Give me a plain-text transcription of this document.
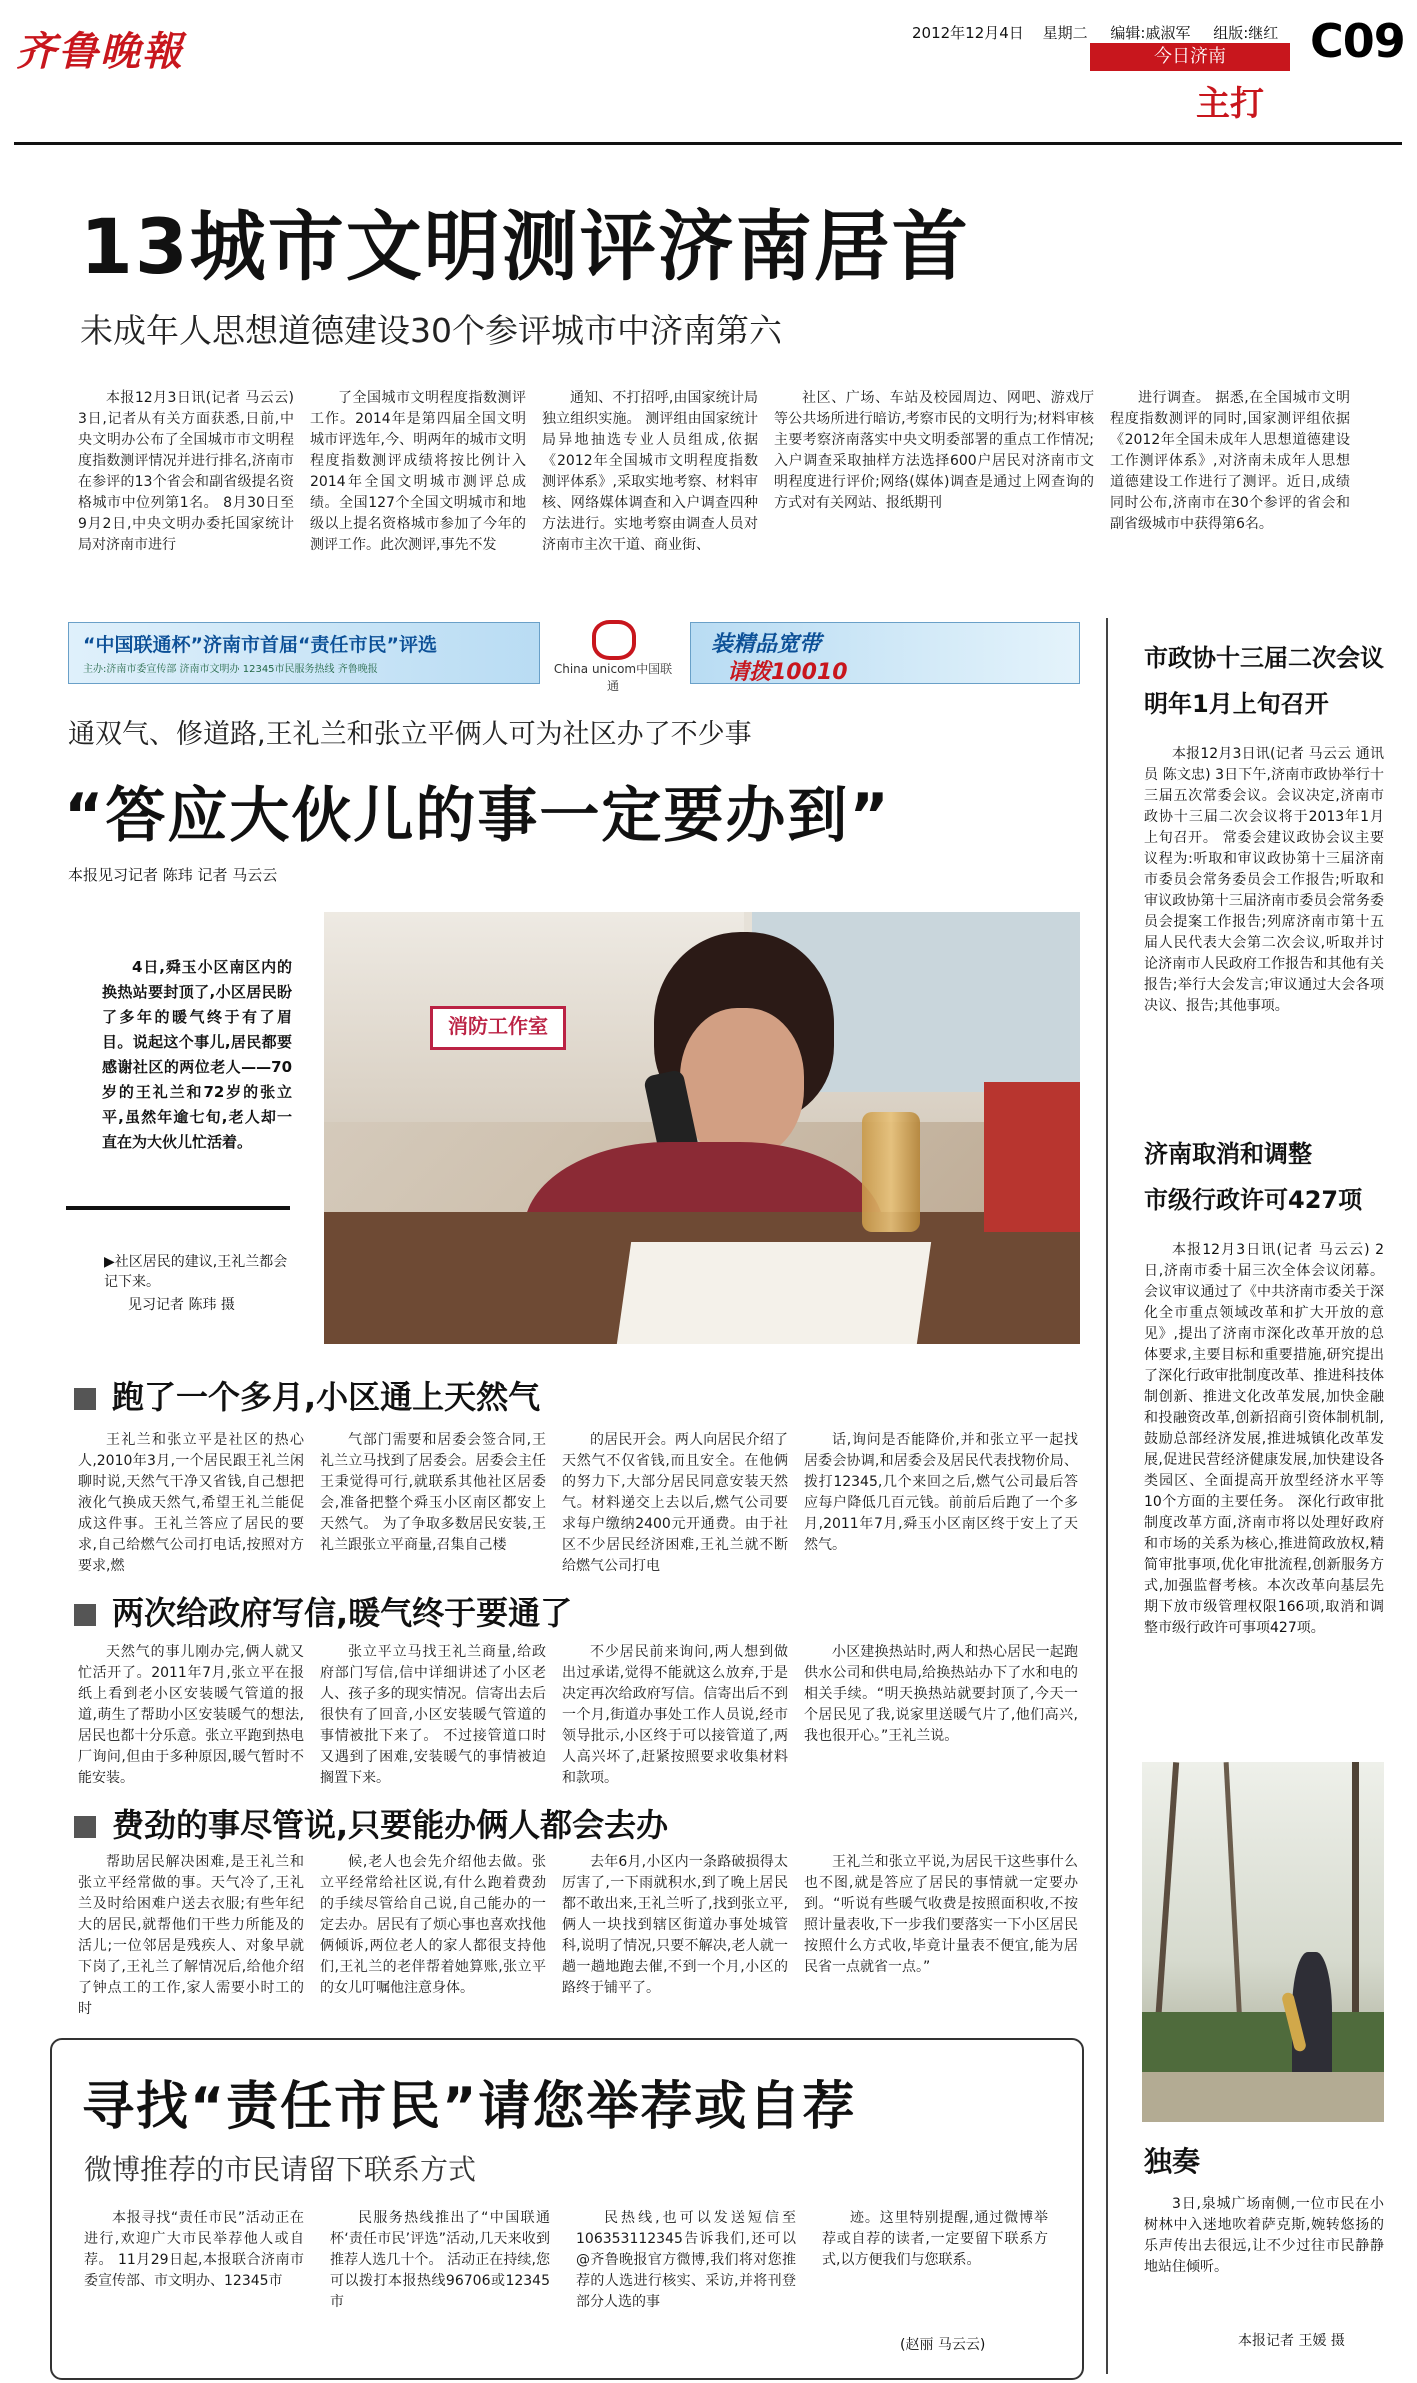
齐鲁晚報	2012年12月4日 星期二 编辑:戚淑军 组版:继红 C09
今日济南
主打
13城市文明测评济南居首
未成年人思想道德建设30个参评城市中济南第六

本报12月3日讯(记者 马云云) 3日,记者从有关方面获悉,日前,中央文明办公布了全国城市市文明程度指数测评情况并进行排名,济南市在参评的13个省会和副省级提名资格城市中位列第1名。 8月30日至9月2日,中央文明办委托国家统计局对济南市进行

了全国城市文明程度指数测评工作。2014年是第四届全国文明城市评选年,今、明两年的城市文明程度指数测评成绩将按比例计入2014年全国文明城市测评总成绩。全国127个全国文明城市和地级以上提名资格城市参加了今年的测评工作。此次测评,事先不发

通知、不打招呼,由国家统计局独立组织实施。 测评组由国家统计局异地抽选专业人员组成,依据《2012年全国城市文明程度指数测评体系》,采取实地考察、材料审核、网络媒体调查和入户调查四种方法进行。实地考察由调查人员对济南市主次干道、商业街、

社区、广场、车站及校园周边、网吧、游戏厅等公共场所进行暗访,考察市民的文明行为;材料审核主要考察济南落实中央文明委部署的重点工作情况;入户调查采取抽样方法选择600户居民对济南市文明程度进行评价;网络(媒体)调查是通过上网查询的方式对有关网站、报纸期刊

进行调查。 据悉,在全国城市文明程度指数测评的同时,国家测评组依据《2012年全国未成年人思想道德建设工作测评体系》,对济南未成年人思想道德建设工作进行了测评。近日,成绩同时公布,济南市在30个参评的省会和副省级城市中获得第6名。

“中国联通杯”济南市首届“责任市民”评选
主办:济南市委宣传部 济南市文明办 12345市民服务热线 齐鲁晚报	China unicom中国联通
装精品宽带
请拨10010
通双气、修道路,王礼兰和张立平俩人可为社区办了不少事
“答应大伙儿的事一定要办到”
本报见习记者 陈玮 记者 马云云
4日,舜玉小区南区内的换热站要封顶了,小区居民盼了多年的暖气终于有了眉目。说起这个事儿,居民都要感谢社区的两位老人——70岁的王礼兰和72岁的张立平,虽然年逾七旬,老人却一直在为大伙儿忙活着。
▶社区居民的建议,王礼兰都会记下来。
见习记者 陈玮 摄
消防工作室
跑了一个多月,小区通上天然气

王礼兰和张立平是社区的热心人,2010年3月,一个居民跟王礼兰闲聊时说,天然气干净又省钱,自己想把液化气换成天然气,希望王礼兰能促成这件事。王礼兰答应了居民的要求,自己给燃气公司打电话,按照对方要求,燃

气部门需要和居委会签合同,王礼兰立马找到了居委会。居委会主任王秉觉得可行,就联系其他社区居委会,准备把整个舜玉小区南区都安上天然气。 为了争取多数居民安装,王礼兰跟张立平商量,召集自己楼

的居民开会。两人向居民介绍了天然气不仅省钱,而且安全。在他俩的努力下,大部分居民同意安装天然气。材料递交上去以后,燃气公司要求每户缴纳2400元开通费。由于社区不少居民经济困难,王礼兰就不断给燃气公司打电

话,询问是否能降价,并和张立平一起找居委会协调,和居委会及居民代表找物价局、拨打12345,几个来回之后,燃气公司最后答应每户降低几百元钱。前前后后跑了一个多月,2011年7月,舜玉小区南区终于安上了天然气。

两次给政府写信,暖气终于要通了

天然气的事儿刚办完,俩人就又忙活开了。2011年7月,张立平在报纸上看到老小区安装暖气管道的报道,萌生了帮助小区安装暖气的想法,居民也都十分乐意。张立平跑到热电厂询问,但由于多种原因,暖气暂时不能安装。

张立平立马找王礼兰商量,给政府部门写信,信中详细讲述了小区老人、孩子多的现实情况。信寄出去后很快有了回音,小区安装暖气管道的事情被批下来了。 不过接管道口时又遇到了困难,安装暖气的事情被迫搁置下来。

不少居民前来询问,两人想到做出过承诺,觉得不能就这么放弃,于是决定再次给政府写信。信寄出后不到一个月,街道办事处工作人员说,经市领导批示,小区终于可以接管道了,两人高兴坏了,赶紧按照要求收集材料和款项。

小区建换热站时,两人和热心居民一起跑供水公司和供电局,给换热站办下了水和电的相关手续。“明天换热站就要封顶了,今天一个居民见了我,说家里送暖气片了,他们高兴,我也很开心。”王礼兰说。

费劲的事尽管说,只要能办俩人都会去办

帮助居民解决困难,是王礼兰和张立平经常做的事。天气冷了,王礼兰及时给困难户送去衣服;有些年纪大的居民,就帮他们干些力所能及的活儿;一位邻居是残疾人、对象早就下岗了,王礼兰了解情况后,给他介绍了钟点工的工作,家人需要小时工的时

候,老人也会先介绍他去做。张立平经常给社区说,有什么跑着费劲的手续尽管给自己说,自己能办的一定去办。居民有了烦心事也喜欢找他俩倾诉,两位老人的家人都很支持他们,王礼兰的老伴帮着她算账,张立平的女儿叮嘱他注意身体。

去年6月,小区内一条路破损得太厉害了,一下雨就积水,到了晚上居民都不敢出来,王礼兰听了,找到张立平,俩人一块找到辖区街道办事处城管科,说明了情况,只要不解决,老人就一趟一趟地跑去催,不到一个月,小区的路终于铺平了。

王礼兰和张立平说,为居民干这些事什么也不图,就是答应了居民的事情就一定要办到。“听说有些暖气收费是按照面积收,不按照计量表收,下一步我们要落实一下小区居民按照什么方式收,毕竟计量表不便宜,能为居民省一点就省一点。”

寻找“责任市民”请您举荐或自荐
微博推荐的市民请留下联系方式

本报寻找“责任市民”活动正在进行,欢迎广大市民举荐他人或自荐。 11月29日起,本报联合济南市委宣传部、市文明办、12345市

民服务热线推出了“中国联通杯‘责任市民’评选”活动,几天来收到推荐人选几十个。 活动正在持续,您可以拨打本报热线96706或12345市

民热线,也可以发送短信至106353112345告诉我们,还可以@齐鲁晚报官方微博,我们将对您推荐的人选进行核实、采访,并将刊登部分人选的事

迹。这里特别提醒,通过微博举荐或自荐的读者,一定要留下联系方式,以方便我们与您联系。

(赵丽 马云云)
市政协十三届二次会议
明年1月上旬召开

本报12月3日讯(记者 马云云 通讯员 陈文忠) 3日下午,济南市政协举行十三届五次常委会议。会议决定,济南市政协十三届二次会议将于2013年1月上旬召开。 常委会建议政协会议主要议程为:听取和审议政协第十三届济南市委员会常务委员会工作报告;听取和审议政协第十三届济南市委员会常务委员会提案工作报告;列席济南市第十五届人民代表大会第二次会议,听取并讨论济南市人民政府工作报告和其他有关报告;举行大会发言;审议通过大会各项决议、报告;其他事项。

济南取消和调整
市级行政许可427项

本报12月3日讯(记者 马云云) 2日,济南市委十届三次全体会议闭幕。会议审议通过了《中共济南市委关于深化全市重点领域改革和扩大开放的意见》,提出了济南市深化改革开放的总体要求,主要目标和重要措施,研究提出了深化行政审批制度改革、推进科技体制创新、推进文化改革发展,加快金融和投融资改革,创新招商引资体制机制,鼓励总部经济发展,推进城镇化改革发展,促进民营经济健康发展,加快建设各类园区、全面提高开放型经济水平等10个方面的主要任务。 深化行政审批制度改革方面,济南市将以处理好政府和市场的关系为核心,推进简政放权,精简审批事项,优化审批流程,创新服务方式,加强监督考核。本次改革向基层先期下放市级管理权限166项,取消和调整市级行政许可事项427项。

独奏

3日,泉城广场南侧,一位市民在小树林中入迷地吹着萨克斯,婉转悠扬的乐声传出去很远,让不少过往市民静静地站住倾听。

本报记者 王媛 摄
